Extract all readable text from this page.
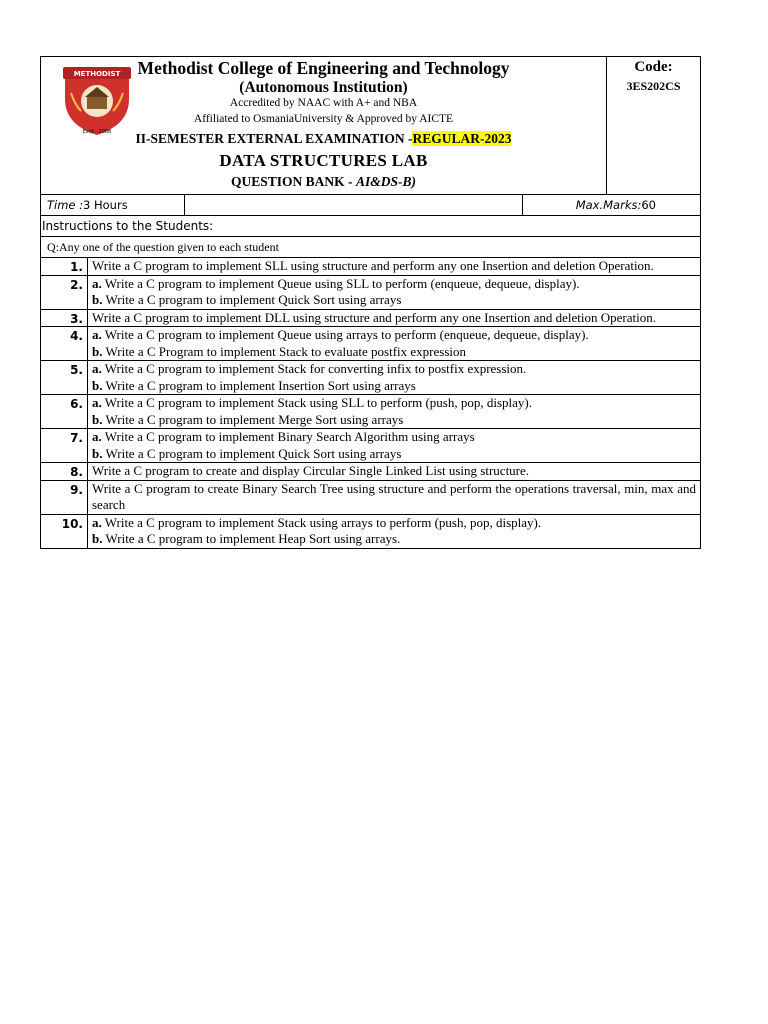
METHODIST
Estd : 2008
Methodist College of Engineering and Technology
(Autonomous Institution)
Accredited by NAAC with A+ and NBA
Affiliated to OsmaniaUniversity & Approved by AICTE
II-SEMESTER EXTERNAL EXAMINATION -REGULAR-2023
DATA STRUCTURES LAB
QUESTION BANK - AI&DS-B)
Code:
3ES202CS
Time :3 Hours	Max.Marks:60
Instructions to the Students:
Q:Any one of the question given to each student
1. Write a C program to implement SLL using structure and perform any one Insertion and deletion Operation.
2. a. Write a C program to implement Queue using SLL to perform (enqueue, dequeue, display).
b. Write a C program to implement Quick Sort using arrays
3. Write a C program to implement DLL using structure and perform any one Insertion and deletion Operation.
4. a. Write a C program to implement Queue using arrays to perform (enqueue, dequeue, display).
b. Write a C Program to implement Stack to evaluate postfix expression
5. a. Write a C program to implement Stack for converting infix to postfix expression.
b. Write a C program to implement Insertion Sort using arrays
6. a. Write a C program to implement Stack using SLL to perform (push, pop, display).
b. Write a C program to implement Merge Sort using arrays
7. a. Write a C program to implement Binary Search Algorithm using arrays
b. Write a C program to implement Quick Sort using arrays
8. Write a C program to create and display Circular Single Linked List using structure.
9. Write a C program to create Binary Search Tree using structure and perform the operations traversal, min, max and search
10. a. Write a C program to implement Stack using arrays to perform (push, pop, display).
b. Write a C program to implement Heap Sort using arrays.
